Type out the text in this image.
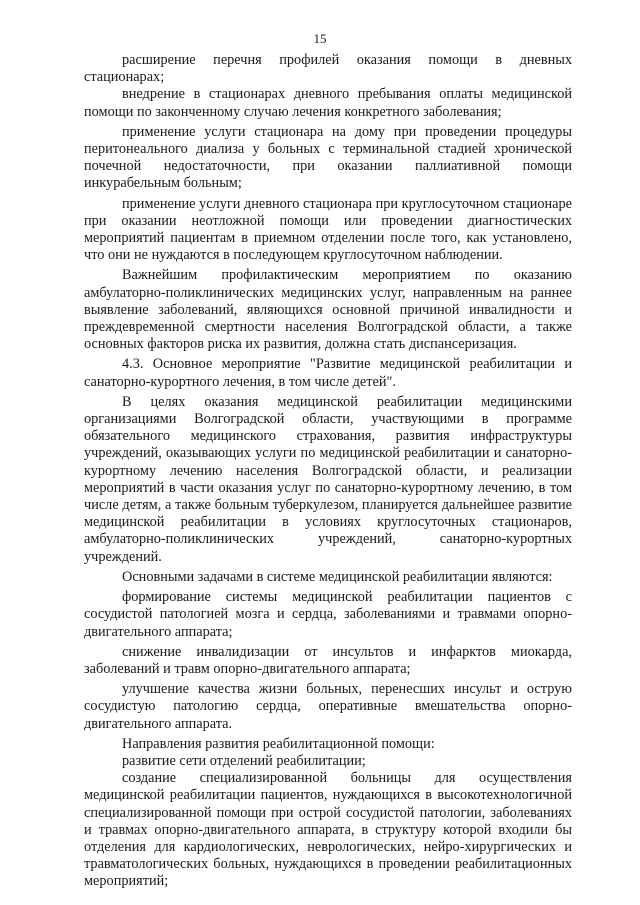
15

расширение перечня профилей оказания помощи в дневных стационарах;

внедрение в стационарах дневного пребывания оплаты медицинской помощи по законченному случаю лечения конкретного заболевания;

применение услуги стационара на дому при проведении процедуры перитонеального диализа у больных с терминальной стадией хронической почечной недостаточности, при оказании паллиативной помощи инкурабельным больным;

применение услуги дневного стационара при круглосуточном стационаре при оказании неотложной помощи или проведении диагностических мероприятий пациентам в приемном отделении после того, как установлено, что они не нуждаются в последующем круглосуточном наблюдении.

Важнейшим профилактическим мероприятием по оказанию амбулаторно-поликлинических медицинских услуг, направленным на раннее выявление заболеваний, являющихся основной причиной инвалидности и преждевременной смертности населения Волгоградской области, а также основных факторов риска их развития, должна стать диспансеризация.

4.3. Основное мероприятие "Развитие медицинской реабилитации и санаторно-курортного лечения, в том числе детей".

В целях оказания медицинской реабилитации медицинскими организациями Волгоградской области, участвующими в программе обязательного медицинского страхования, развития инфраструктуры учреждений, оказывающих услуги по медицинской реабилитации и санаторно-курортному лечению населения Волгоградской области, и реализации мероприятий в части оказания услуг по санаторно-курортному лечению, в том числе детям, а также больным туберкулезом, планируется дальнейшее развитие медицинской реабилитации в условиях круглосуточных стационаров, амбулаторно-поликлинических учреждений, санаторно-курортных учреждений.

Основными задачами в системе медицинской реабилитации являются:

формирование системы медицинской реабилитации пациентов с сосудистой патологией мозга и сердца, заболеваниями и травмами опорно-двигательного аппарата;

снижение инвалидизации от инсультов и инфарктов миокарда, заболеваний и травм опорно-двигательного аппарата;

улучшение качества жизни больных, перенесших инсульт и острую сосудистую патологию сердца, оперативные вмешательства опорно-двигательного аппарата.

Направления развития реабилитационной помощи:

развитие сети отделений реабилитации;

создание специализированной больницы для осуществления медицинской реабилитации пациентов, нуждающихся в высокотехнологичной специализированной помощи при острой сосудистой патологии, заболеваниях и травмах опорно-двигательного аппарата, в структуру которой входили бы отделения для кардиологических, неврологических, нейро-хирургических и травматологических больных, нуждающихся в проведении реабилитационных мероприятий;
